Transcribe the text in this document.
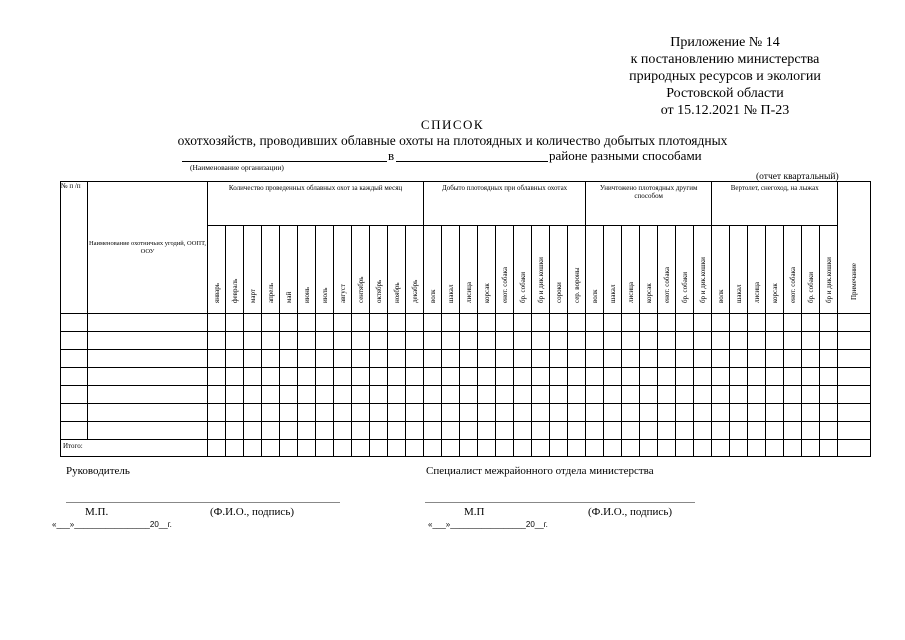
Приложение № 14
к постановлению министерства
природных ресурсов и экологии
Ростовской области
от 15.12.2021 № П-23
СПИСОК
охотхозяйств, проводивших облавные охоты на плотоядных и количество добытых плотоядных
в	районе разными способами
(Наименование организации)
(отчет квартальный)
№ п /п	Наименование охотничьих угодий, ООПТ, ООУ	Количество проведенных облавных охот за каждый месяц												Добыто плотоядных при облавных охотах									Уничтожено плотоядных другим способом							Вертолет, снегоход, на лыжах							Примечание

		январь	февраль	март	апрель	май	июнь	июль	август	сентябрь	октябрь	ноябрь	декабрь	волк	шакал	лисица	корсак	енот. собака	бр. собаки	бр и дик.кошки	сороки	сер. вороны	волк	шакал	лисица	корсак	енот. собака	бр. собаки	бр и дик.кошки	волк	шакал	лисица	корсак	енот. собака	бр. собаки	бр и дик.кошки	

Итого:																																					
Руководитель	Специалист межрайонного отдела министерства
М.П.	(Ф.И.О., подпись)	М.П	(Ф.И.О., подпись)
«___»_________________20__г.	«___»_________________20__г.
